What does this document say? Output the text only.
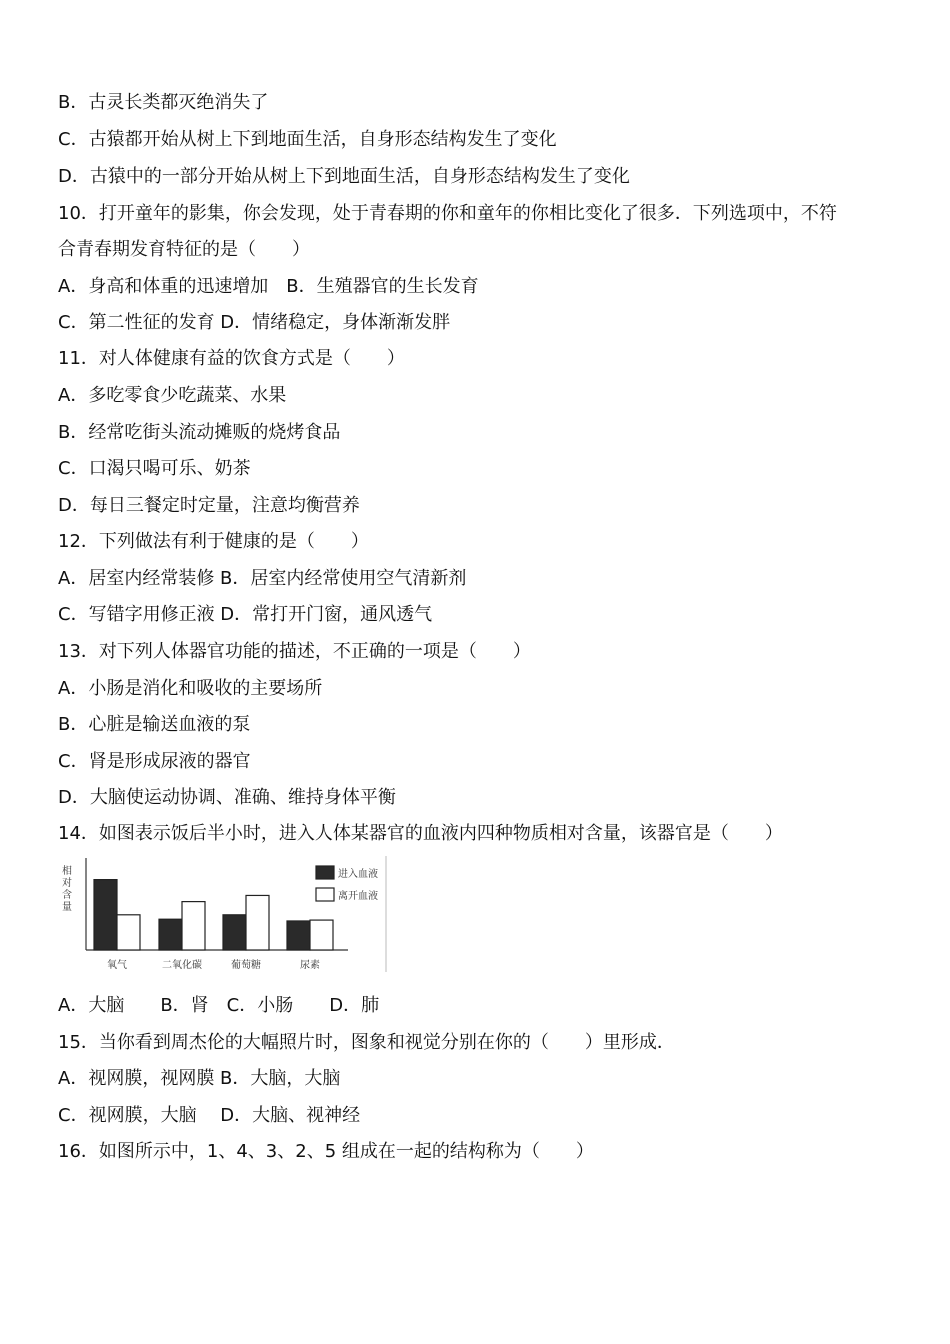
B．古灵长类都灭绝消失了
C．古猿都开始从树上下到地面生活，自身形态结构发生了变化
D．古猿中的一部分开始从树上下到地面生活，自身形态结构发生了变化
10．打开童年的影集，你会发现，处于青春期的你和童年的你相比变化了很多．下列选项中，不符
合青春期发育特征的是（　　）
A．身高和体重的迅速增加　B．生殖器官的生长发育
C．第二性征的发育 D．情绪稳定，身体渐渐发胖
11．对人体健康有益的饮食方式是（　　）
A．多吃零食少吃蔬菜、水果
B．经常吃街头流动摊贩的烧烤食品
C．口渴只喝可乐、奶茶
D．每日三餐定时定量，注意均衡营养
12．下列做法有利于健康的是（　　）
A．居室内经常装修 B．居室内经常使用空气清新剂
C．写错字用修正液 D．常打开门窗，通风透气
13．对下列人体器官功能的描述，不正确的一项是（　　）
A．小肠是消化和吸收的主要场所
B．心脏是输送血液的泵
C．肾是形成尿液的器官
D．大脑使运动协调、准确、维持身体平衡
14．如图表示饭后半小时，进入人体某器官的血液内四种物质相对含量，该器官是（　　）
相
对
含
量
氧气	二氧化碳	葡萄糖	尿素
进入血液
离开血液
A．大脑　　B．肾　C．小肠　　D．肺
15．当你看到周杰伦的大幅照片时，图象和视觉分别在你的（　　）里形成．
A．视网膜，视网膜 B．大脑，大脑
C．视网膜，大脑　 D．大脑、视神经
16．如图所示中，1、4、3、2、5 组成在一起的结构称为（　　）
